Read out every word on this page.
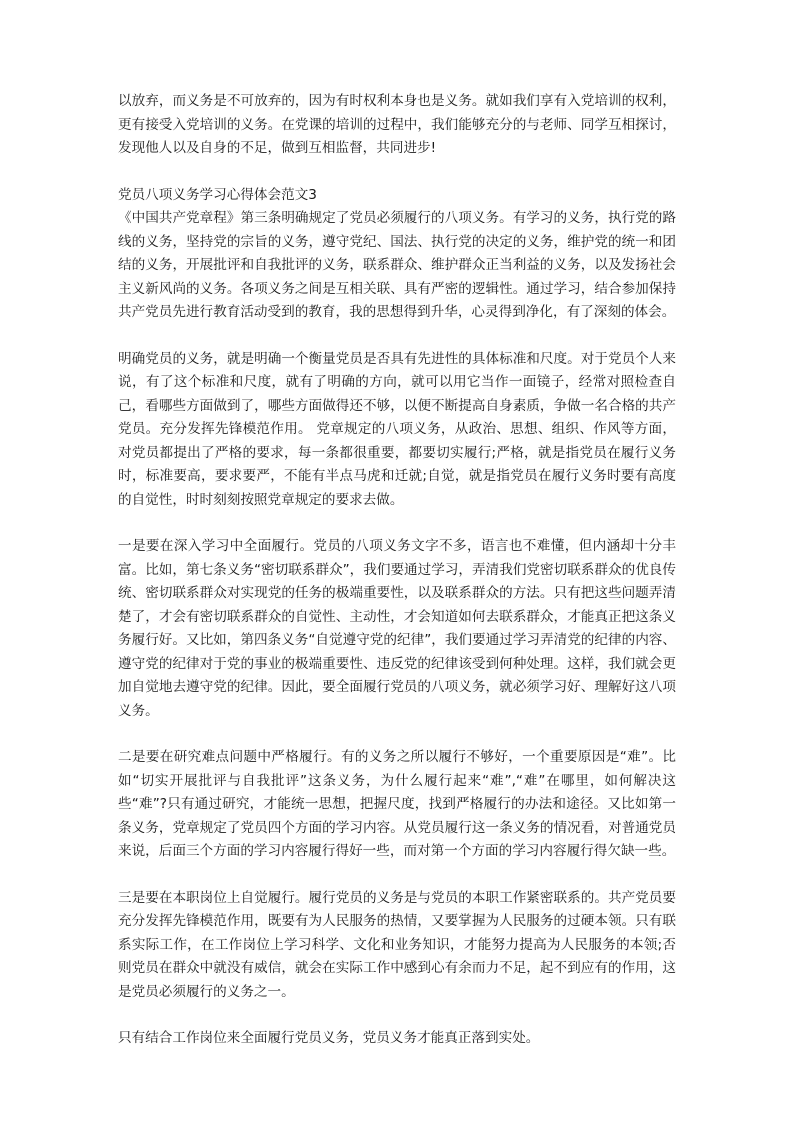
以放弃，而义务是不可放弃的，因为有时权利本身也是义务。就如我们享有入党培训的权利，更有接受入党培训的义务。在党课的培训的过程中，我们能够充分的与老师、同学互相探讨，发现他人以及自身的不足，做到互相监督，共同进步!

党员八项义务学习心得体会范文3

《中国共产党章程》第三条明确规定了党员必须履行的八项义务。有学习的义务，执行党的路线的义务，坚持党的宗旨的义务，遵守党纪、国法、执行党的决定的义务，维护党的统一和团结的义务，开展批评和自我批评的义务，联系群众、维护群众正当利益的义务，以及发扬社会主义新风尚的义务。各项义务之间是互相关联、具有严密的逻辑性。通过学习，结合参加保持共产党员先进行教育活动受到的教育，我的思想得到升华，心灵得到净化，有了深刻的体会。

明确党员的义务，就是明确一个衡量党员是否具有先进性的具体标准和尺度。对于党员个人来说，有了这个标准和尺度，就有了明确的方向，就可以用它当作一面镜子，经常对照检查自己，看哪些方面做到了，哪些方面做得还不够，以便不断提高自身素质，争做一名合格的共产党员。充分发挥先锋模范作用。 党章规定的八项义务，从政治、思想、组织、作风等方面，对党员都提出了严格的要求，每一条都很重要，都要切实履行;严格，就是指党员在履行义务时，标准要高，要求要严，不能有半点马虎和迁就;自觉，就是指党员在履行义务时要有高度的自觉性，时时刻刻按照党章规定的要求去做。

一是要在深入学习中全面履行。党员的八项义务文字不多，语言也不难懂，但内涵却十分丰富。比如，第七条义务“密切联系群众”，我们要通过学习，弄清我们党密切联系群众的优良传统、密切联系群众对实现党的任务的极端重要性，以及联系群众的方法。只有把这些问题弄清楚了，才会有密切联系群众的自觉性、主动性，才会知道如何去联系群众，才能真正把这条义务履行好。又比如，第四条义务“自觉遵守党的纪律”，我们要通过学习弄清党的纪律的内容、遵守党的纪律对于党的事业的极端重要性、违反党的纪律该受到何种处理。这样，我们就会更加自觉地去遵守党的纪律。因此，要全面履行党员的八项义务，就必须学习好、理解好这八项义务。

二是要在研究难点问题中严格履行。有的义务之所以履行不够好，一个重要原因是“难”。比如“切实开展批评与自我批评”这条义务，为什么履行起来“难”,“难”在哪里，如何解决这些“难”?只有通过研究，才能统一思想，把握尺度，找到严格履行的办法和途径。又比如第一条义务，党章规定了党员四个方面的学习内容。从党员履行这一条义务的情况看，对普通党员来说，后面三个方面的学习内容履行得好一些，而对第一个方面的学习内容履行得欠缺一些。

三是要在本职岗位上自觉履行。履行党员的义务是与党员的本职工作紧密联系的。共产党员要充分发挥先锋模范作用，既要有为人民服务的热情，又要掌握为人民服务的过硬本领。只有联系实际工作，在工作岗位上学习科学、文化和业务知识，才能努力提高为人民服务的本领;否则党员在群众中就没有威信，就会在实际工作中感到心有余而力不足，起不到应有的作用，这是党员必须履行的义务之一。

只有结合工作岗位来全面履行党员义务，党员义务才能真正落到实处。
